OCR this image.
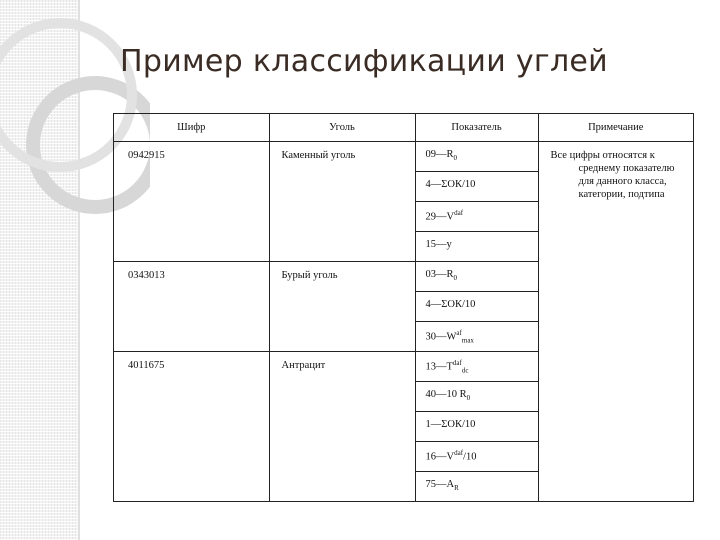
Пример классификации углей
Шифр	Уголь	Показатель	Примечание
0942915	Каменный уголь	$09—R_0$	Все цифры относятся к
среднему показателю для данного класса, категории, подтипа

		4—ΣОК/10	
		$29—V^{daf}$
		15—y	
0343013	Бурый уголь	$03—R_0$
		4—ΣОК/10	
		$30—W^{af}_{max}$
4011675	Антрацит	$13—T^{daf}_{dc}$
		40—10 $R_0$
		1—ΣОК/10	
		$16—V^{daf}/10$	
		$75—A_R$
